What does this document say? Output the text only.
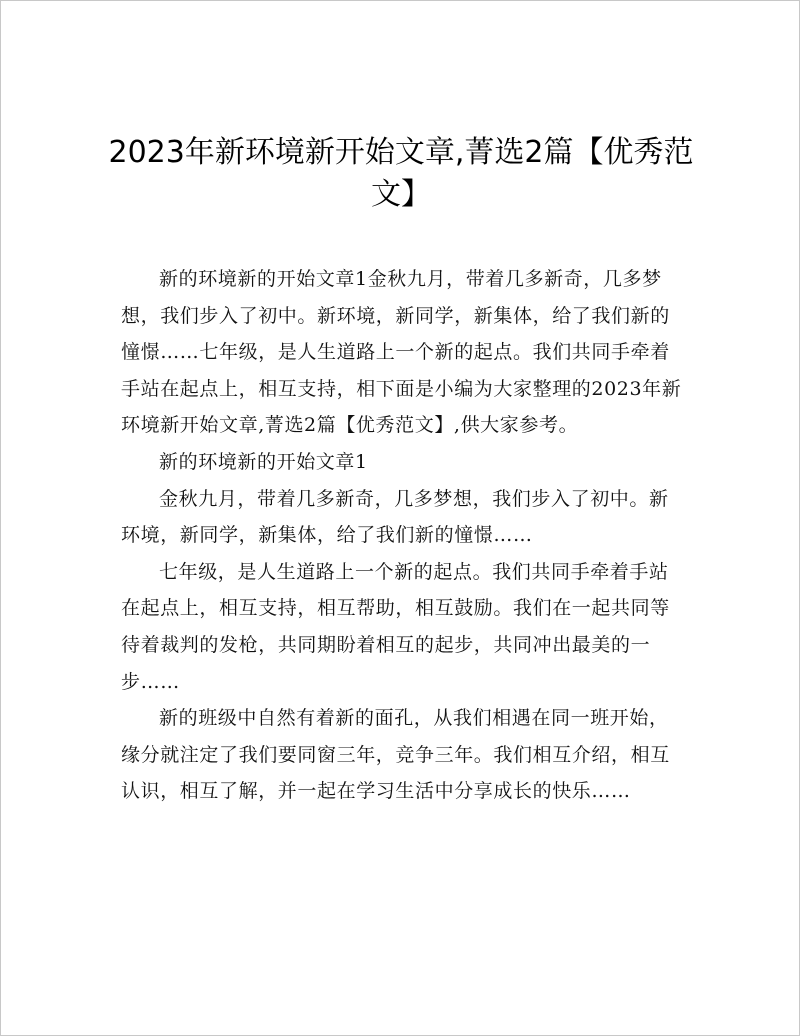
2023年新环境新开始文章,菁选2篇【优秀范文】

新的环境新的开始文章1金秋九月，带着几多新奇，几多梦想，我们步入了初中。新环境，新同学，新集体，给了我们新的憧憬……七年级，是人生道路上一个新的起点。我们共同手牵着手站在起点上，相互支持，相下面是小编为大家整理的2023年新环境新开始文章,菁选2篇【优秀范文】,供大家参考。

新的环境新的开始文章1

金秋九月，带着几多新奇，几多梦想，我们步入了初中。新环境，新同学，新集体，给了我们新的憧憬……

七年级，是人生道路上一个新的起点。我们共同手牵着手站在起点上，相互支持，相互帮助，相互鼓励。我们在一起共同等待着裁判的发枪，共同期盼着相互的起步，共同冲出最美的一步……

新的班级中自然有着新的面孔，从我们相遇在同一班开始，缘分就注定了我们要同窗三年，竞争三年。我们相互介绍，相互认识，相互了解，并一起在学习生活中分享成长的快乐……
